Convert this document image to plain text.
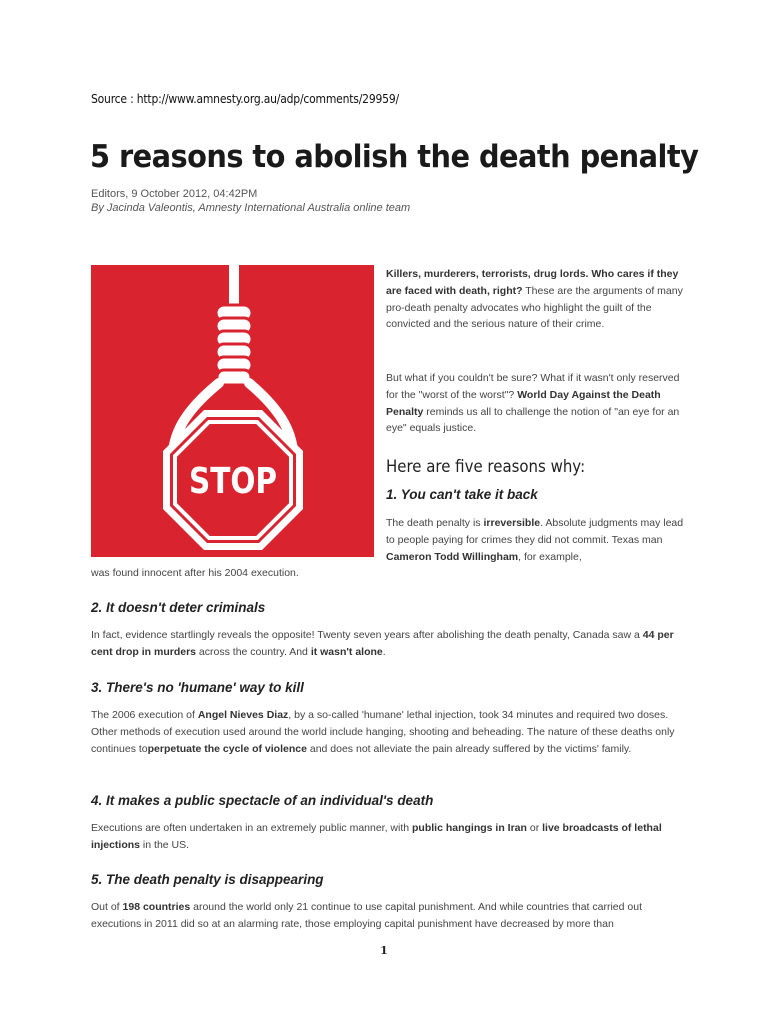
Source : http://www.amnesty.org.au/adp/comments/29959/
5 reasons to abolish the death penalty
Editors, 9 October 2012, 04:42PM
By Jacinda Valeontis, Amnesty International Australia online team
STOP
Killers, murderers, terrorists, drug lords. Who cares if they are faced with death, right? These are the arguments of many pro-death penalty advocates who highlight the guilt of the convicted and the serious nature of their crime.
But what if you couldn't be sure? What if it wasn't only reserved for the "worst of the worst"? World Day Against the Death Penalty reminds us all to challenge the notion of "an eye for an eye" equals justice.
Here are five reasons why:
1. You can't take it back
The death penalty is irreversible. Absolute judgments may lead to people paying for crimes they did not commit. Texas man Cameron Todd Willingham, for example,
was found innocent after his 2004 execution.
2. It doesn't deter criminals
In fact, evidence startlingly reveals the opposite! Twenty seven years after abolishing the death penalty, Canada saw a 44 per cent drop in murders across the country. And it wasn't alone.
3. There's no 'humane' way to kill
The 2006 execution of Angel Nieves Diaz, by a so-called 'humane' lethal injection, took 34 minutes and required two doses. Other methods of execution used around the world include hanging, shooting and beheading. The nature of these deaths only continues toperpetuate the cycle of violence and does not alleviate the pain already suffered by the victims' family.
4. It makes a public spectacle of an individual's death
Executions are often undertaken in an extremely public manner, with public hangings in Iran or live broadcasts of lethal injections in the US.
5. The death penalty is disappearing
Out of 198 countries around the world only 21 continue to use capital punishment. And while countries that carried out executions in 2011 did so at an alarming rate, those employing capital punishment have decreased by more than
1
